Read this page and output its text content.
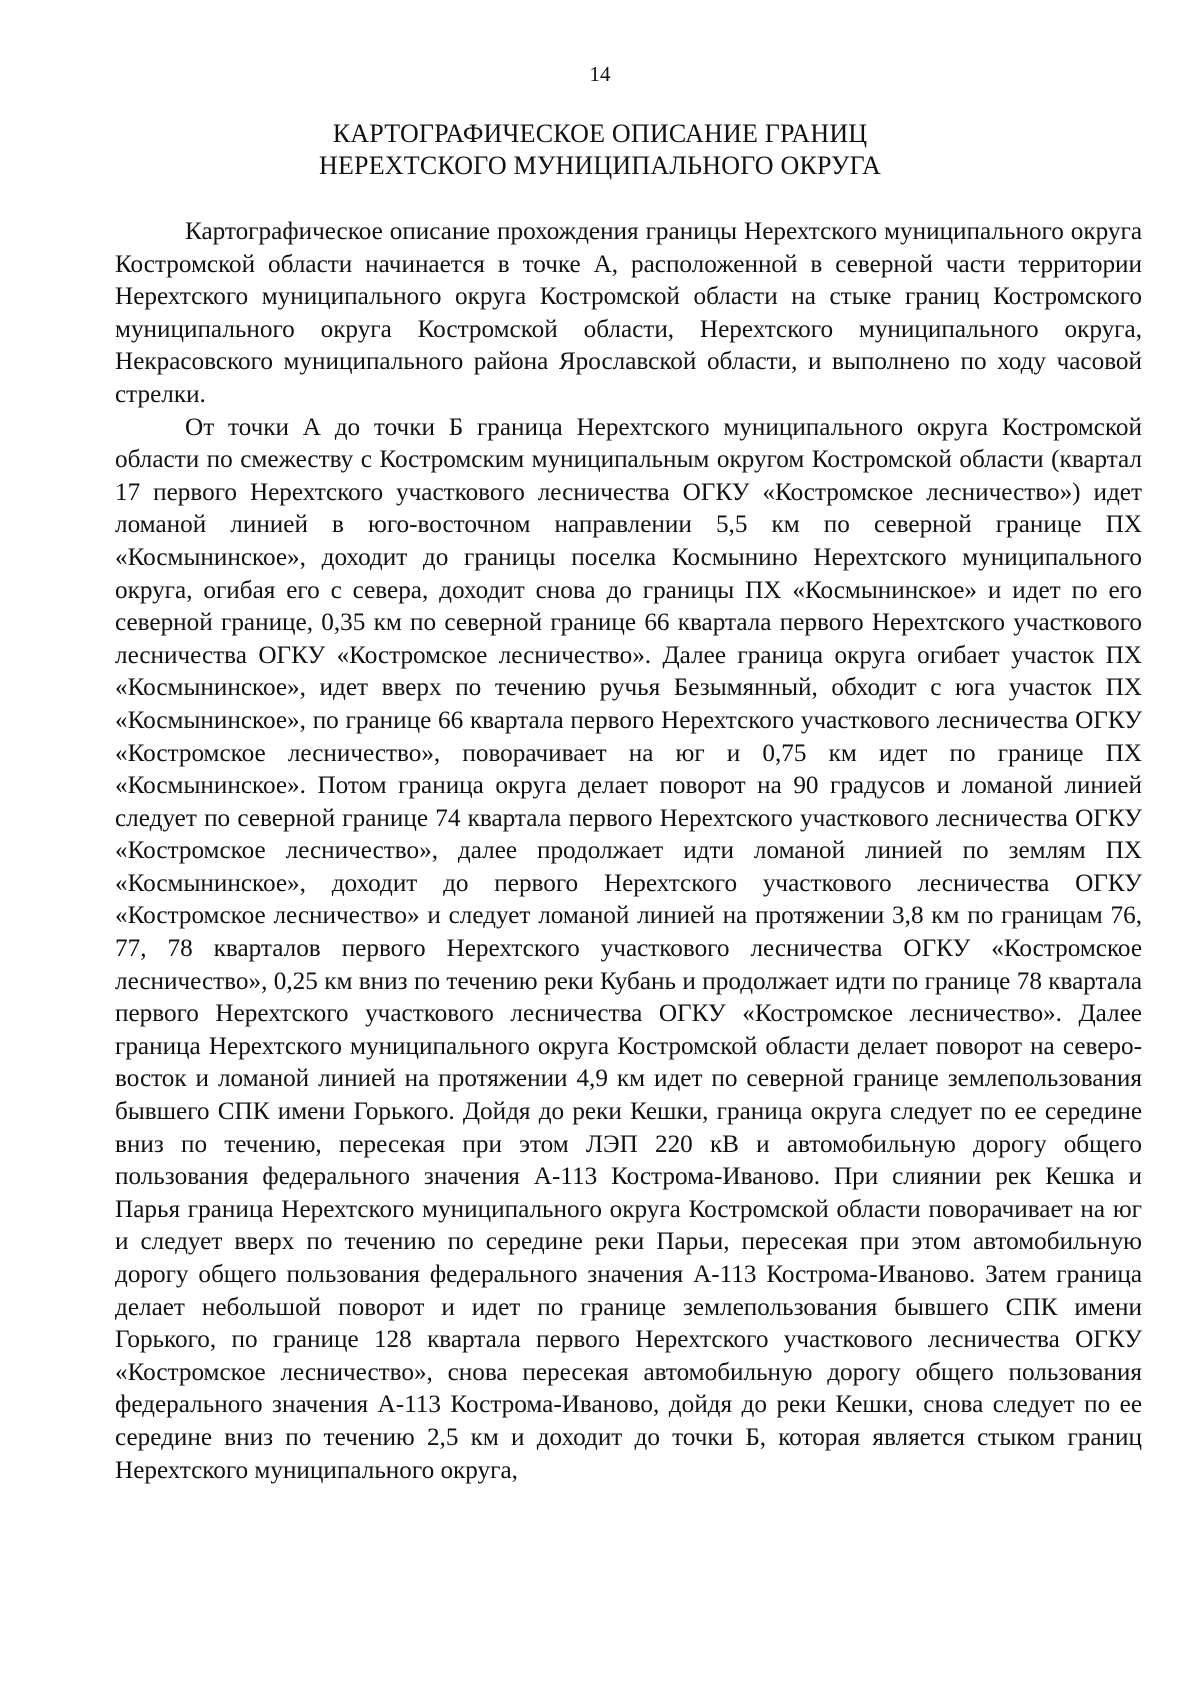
14
КАРТОГРАФИЧЕСКОЕ ОПИСАНИЕ ГРАНИЦ
НЕРЕХТСКОГО МУНИЦИПАЛЬНОГО ОКРУГА

Картографическое описание прохождения границы Нерехтского муниципального округа Костромской области начинается в точке А, расположенной в северной части территории Нерехтского муниципального округа Костромской области на стыке границ Костромского муниципального округа Костромской области, Нерехтского муниципального округа, Некрасовского муниципального района Ярославской области, и выполнено по ходу часовой стрелки.

От точки А до точки Б граница Нерехтского муниципального округа Костромской области по смежеству с Костромским муниципальным округом Костромской области (квартал 17 первого Нерехтского участкового лесничества ОГКУ «Костромское лесничество») идет ломаной линией в юго-восточном направлении 5,5 км по северной границе ПХ «Космынинское», доходит до границы поселка Космынино Нерехтского муниципального округа, огибая его с севера, доходит снова до границы ПХ «Космынинское» и идет по его северной границе, 0,35 км по северной границе 66 квартала первого Нерехтского участкового лесничества ОГКУ «Костромское лесничество». Далее граница округа огибает участок ПХ «Космынинское», идет вверх по течению ручья Безымянный, обходит с юга участок ПХ «Космынинское», по границе 66 квартала первого Нерехтского участкового лесничества ОГКУ «Костромское лесничество», поворачивает на юг и 0,75 км идет по границе ПХ «Космынинское». Потом граница округа делает поворот на 90 градусов и ломаной линией следует по северной границе 74 квартала первого Нерехтского участкового лесничества ОГКУ «Костромское лесничество», далее продолжает идти ломаной линией по землям ПХ «Космынинское», доходит до первого Нерехтского участкового лесничества ОГКУ «Костромское лесничество» и следует ломаной линией на протяжении 3,8 км по границам 76, 77, 78 кварталов первого Нерехтского участкового лесничества ОГКУ «Костромское лесничество», 0,25 км вниз по течению реки Кубань и продолжает идти по границе 78 квартала первого Нерехтского участкового лесничества ОГКУ «Костромское лесничество». Далее граница Нерехтского муниципального округа Костромской области делает поворот на северо-восток и ломаной линией на протяжении 4,9 км идет по северной границе землепользования бывшего СПК имени Горького. Дойдя до реки Кешки, граница округа следует по ее середине вниз по течению, пересекая при этом ЛЭП 220 кВ и автомобильную дорогу общего пользования федерального значения А-113 Кострома-Иваново. При слиянии рек Кешка и Парья граница Нерехтского муниципального округа Костромской области поворачивает на юг и следует вверх по течению по середине реки Парьи, пересекая при этом автомобильную дорогу общего пользования федерального значения А-113 Кострома-Иваново. Затем граница делает небольшой поворот и идет по границе землепользования бывшего СПК имени Горького, по границе 128 квартала первого Нерехтского участкового лесничества ОГКУ «Костромское лесничество», снова пересекая автомобильную дорогу общего пользования федерального значения А-113 Кострома-Иваново, дойдя до реки Кешки, снова следует по ее середине вниз по течению 2,5 км и доходит до точки Б, которая является стыком границ Нерехтского муниципального округа,
